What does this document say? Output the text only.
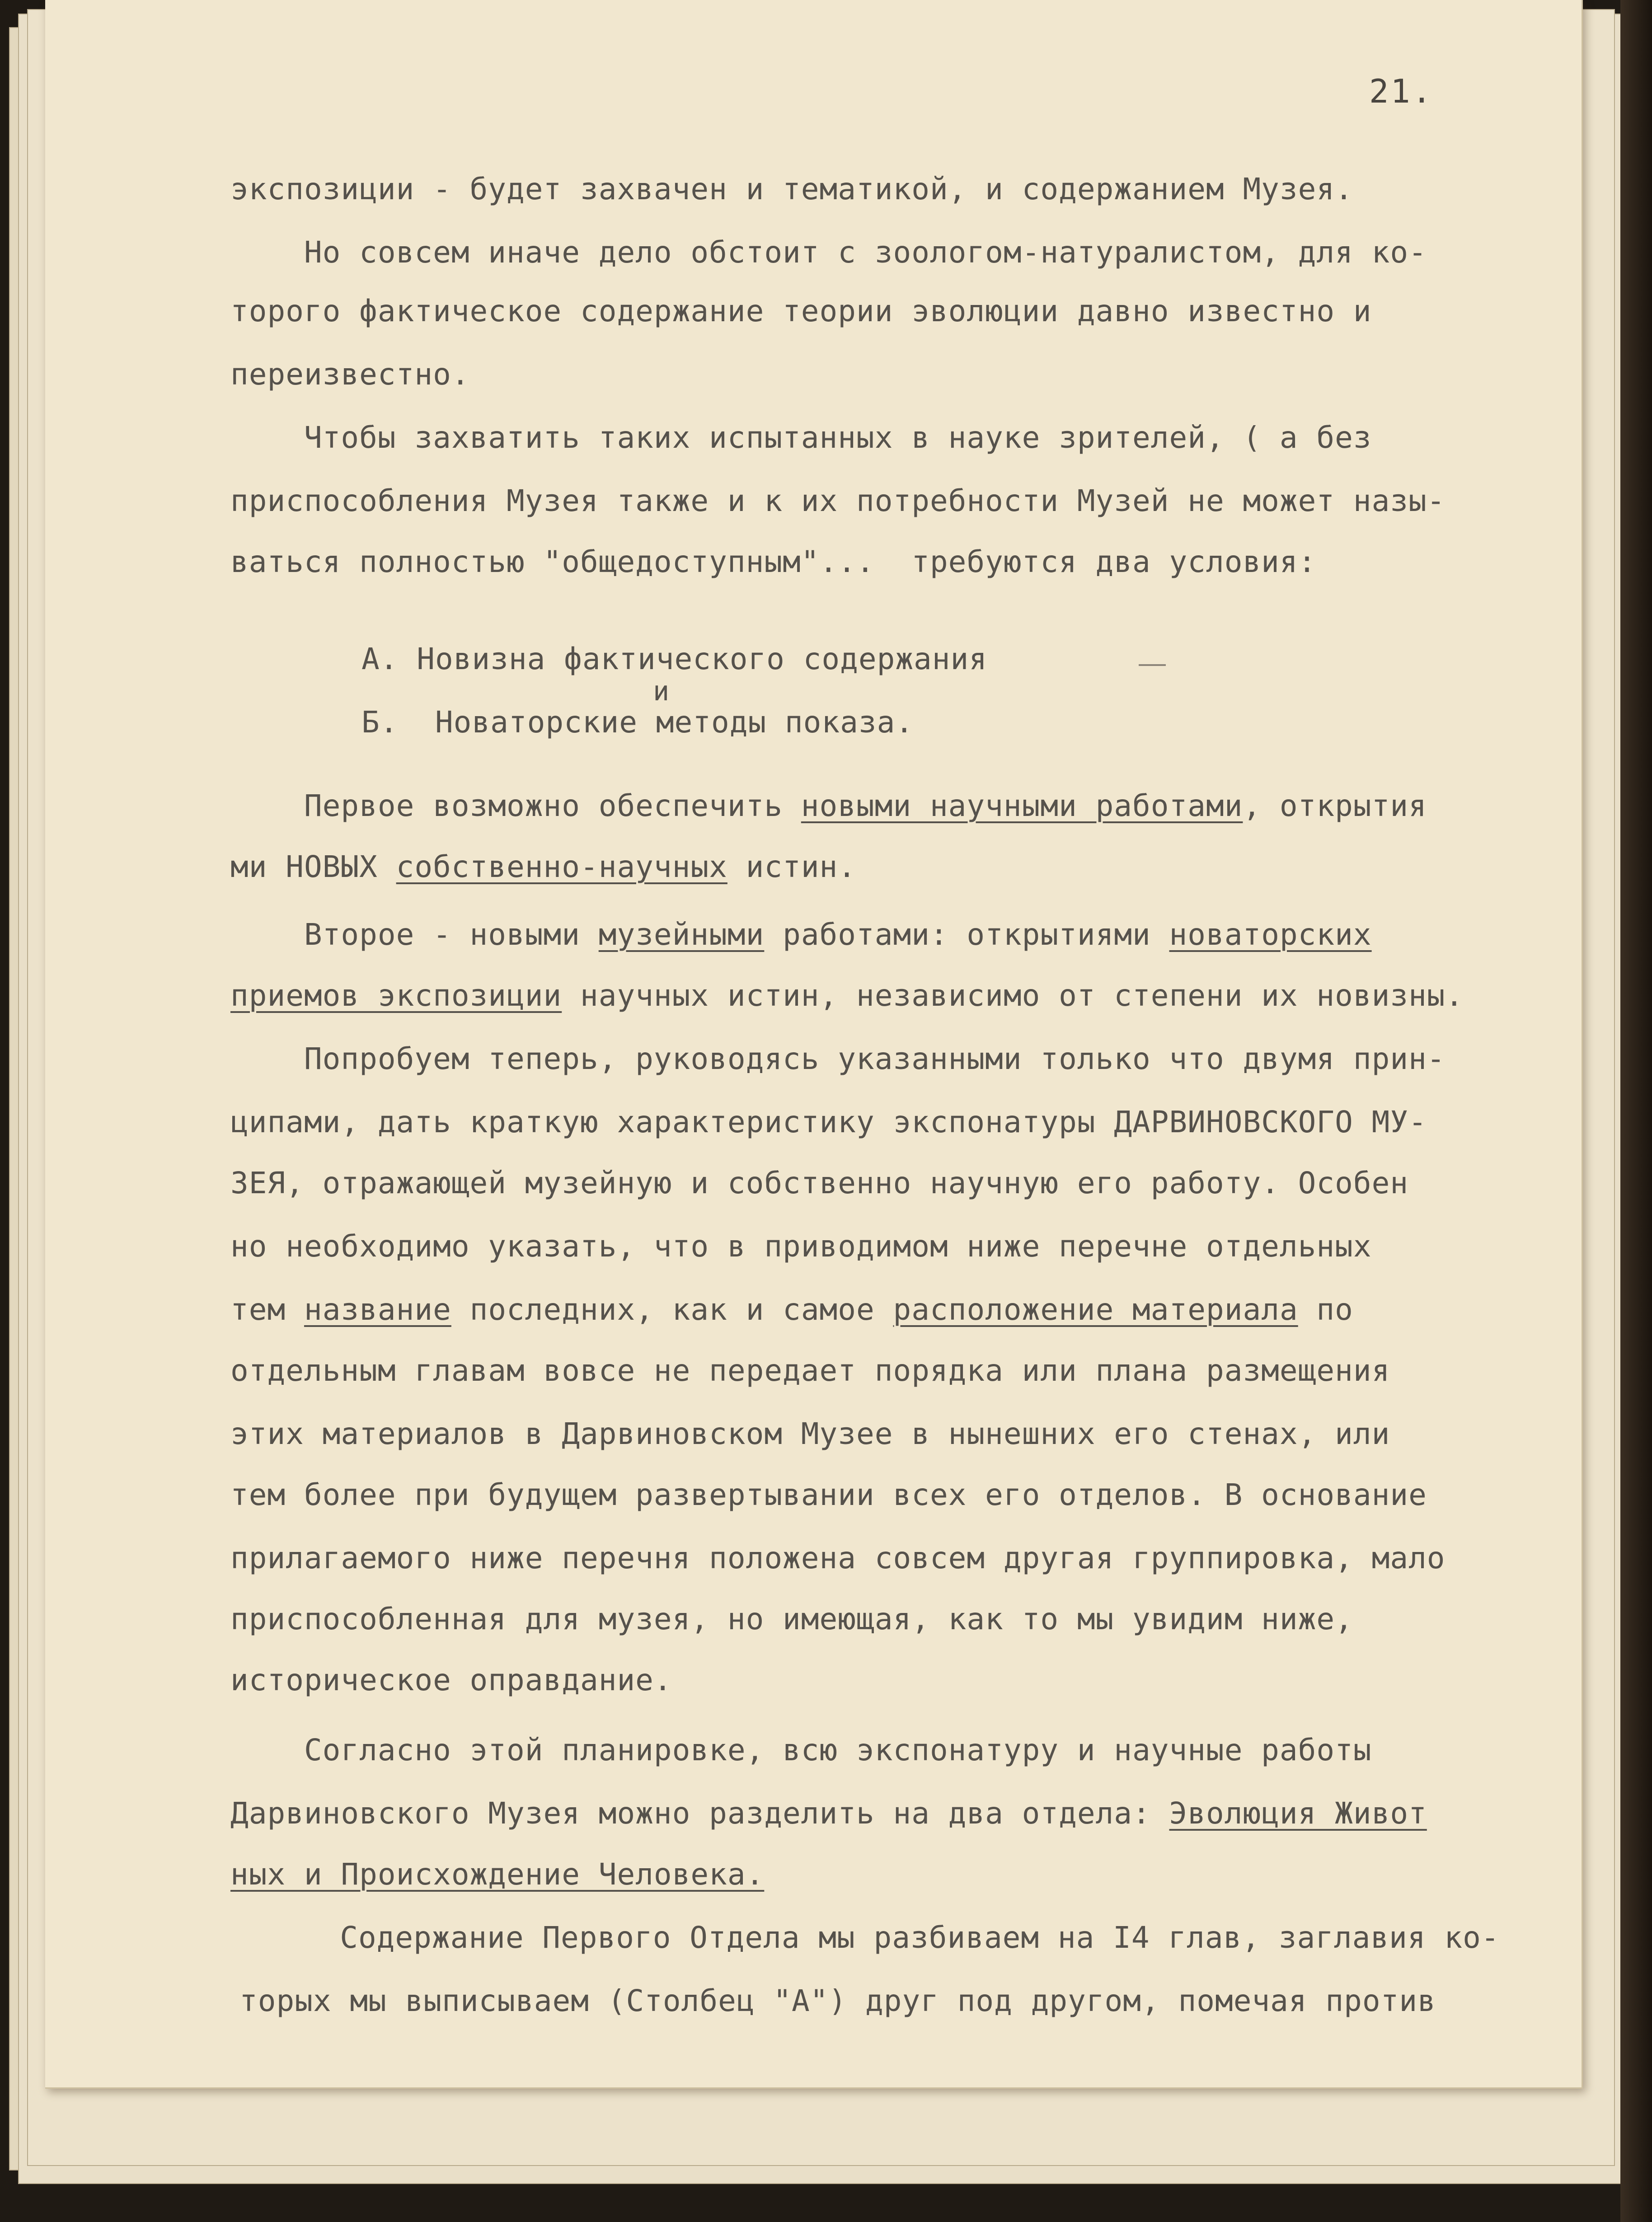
21.
экспозиции - будет захвачен и тематикой, и содержанием Музея.
Но совсем иначе дело обстоит с зоологом-натуралистом, для ко-
торого фактическое содержание теории эволюции давно известно и
переизвестно.
Чтобы захватить таких испытанных в науке зрителей, ( а без
приспособления Музея также и к их потребности Музей не может назы-
ваться полностью "общедоступным"...  требуются два условия:
Первое возможно обеспечить новыми научными работами, открытия
ми НОВЫХ собственно-научных истин.
Второе - новыми музейными работами: открытиями новаторских
приемов экспозиции научных истин, независимо от степени их новизны.
Попробуем теперь, руководясь указанными только что двумя прин-
ципами, дать краткую характеристику экспонатуры ДАРВИНОВСКОГО МУ-
ЗЕЯ, отражающей музейную и собственно научную его работу. Особен
но необходимо указать, что в приводимом ниже перечне отдельных
тем название последних, как и самое расположение материала по
отдельным главам вовсе не передает порядка или плана размещения
этих материалов в Дарвиновском Музее в нынешних его стенах, или
тем более при будущем развертывании всех его отделов. В основание
прилагаемого ниже перечня положена совсем другая группировка, мало
приспособленная для музея, но имеющая, как то мы увидим ниже,
историческое оправдание.
Согласно этой планировке, всю экспонатуру и научные работы
Дарвиновского Музея можно разделить на два отдела: Эволюция Живот
ных и Происхождение Человека.
Содержание Первого Отдела мы разбиваем на I4 глав, заглавия ко-
торых мы выписываем (Столбец "А") друг под другом, помечая против
А. Новизна фактического содержания
и
Б.  Новаторские методы показа.
